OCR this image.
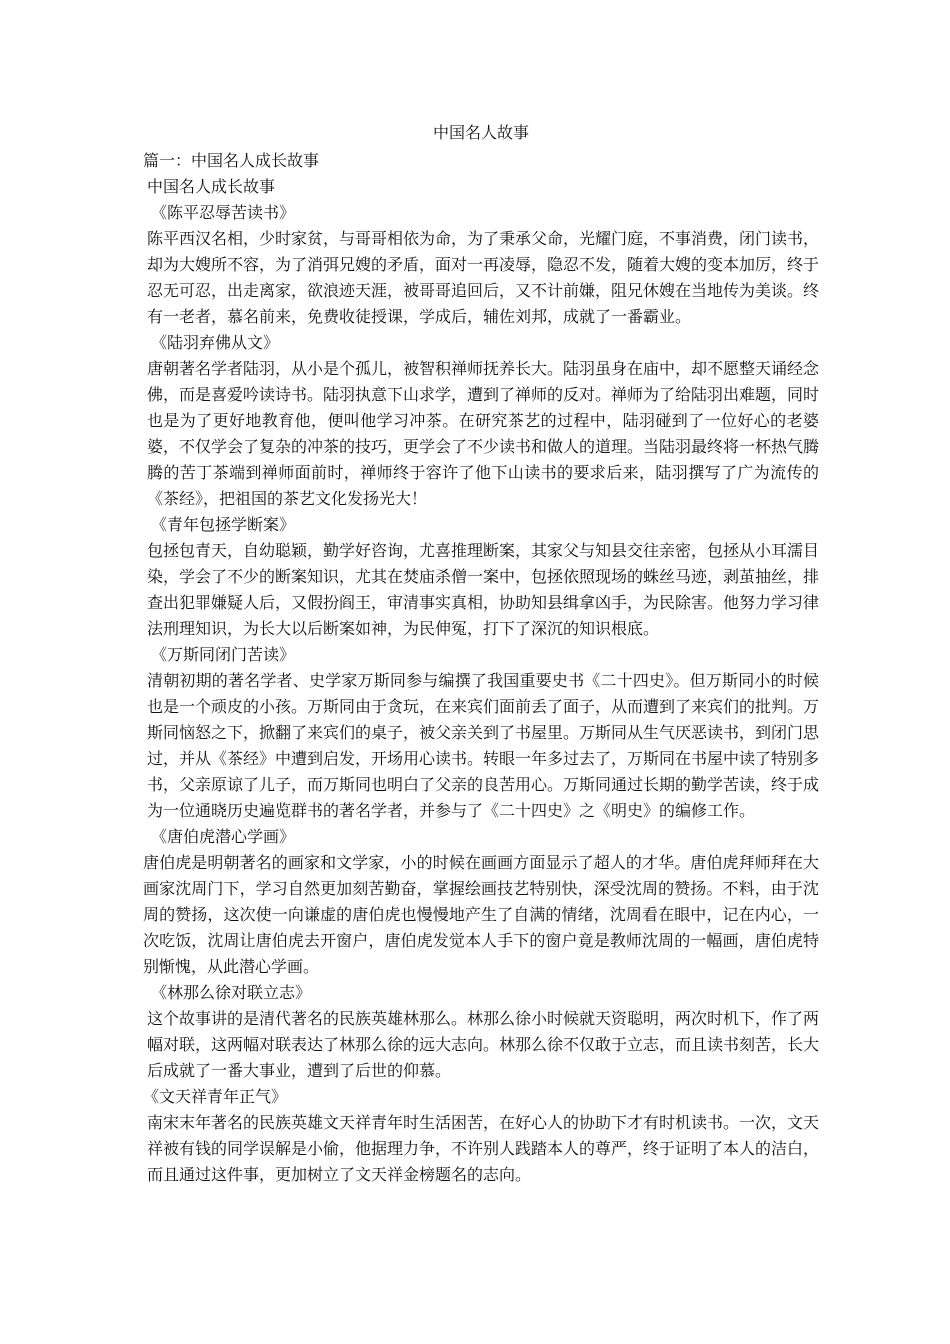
中国名人故事

篇一：中国名人成长故事

中国名人成长故事

《陈平忍辱苦读书》

陈平西汉名相，少时家贫，与哥哥相依为命，为了秉承父命，光耀门庭，不事消费，闭门读书，却为大嫂所不容，为了消弭兄嫂的矛盾，面对一再凌辱，隐忍不发，随着大嫂的变本加厉，终于忍无可忍，出走离家，欲浪迹天涯，被哥哥追回后，又不计前嫌，阻兄休嫂在当地传为美谈。终有一老者，慕名前来，免费收徒授课，学成后，辅佐刘邦，成就了一番霸业。

《陆羽弃佛从文》

唐朝著名学者陆羽，从小是个孤儿，被智积禅师抚养长大。陆羽虽身在庙中，却不愿整天诵经念佛，而是喜爱吟读诗书。陆羽执意下山求学，遭到了禅师的反对。禅师为了给陆羽出难题，同时也是为了更好地教育他，便叫他学习冲茶。在研究茶艺的过程中，陆羽碰到了一位好心的老婆婆，不仅学会了复杂的冲茶的技巧，更学会了不少读书和做人的道理。当陆羽最终将一杯热气腾腾的苦丁茶端到禅师面前时，禅师终于容许了他下山读书的要求后来，陆羽撰写了广为流传的《茶经》，把祖国的茶艺文化发扬光大！

《青年包拯学断案》

包拯包青天，自幼聪颖，勤学好咨询，尤喜推理断案，其家父与知县交往亲密，包拯从小耳濡目染，学会了不少的断案知识，尤其在焚庙杀僧一案中，包拯依照现场的蛛丝马迹，剥茧抽丝，排查出犯罪嫌疑人后，又假扮阎王，审清事实真相，协助知县缉拿凶手，为民除害。他努力学习律法刑理知识，为长大以后断案如神，为民伸冤，打下了深沉的知识根底。

《万斯同闭门苦读》

清朝初期的著名学者、史学家万斯同参与编撰了我国重要史书《二十四史》。但万斯同小的时候也是一个顽皮的小孩。万斯同由于贪玩，在来宾们面前丢了面子，从而遭到了来宾们的批判。万斯同恼怒之下，掀翻了来宾们的桌子，被父亲关到了书屋里。万斯同从生气厌恶读书，到闭门思过，并从《茶经》中遭到启发，开场用心读书。转眼一年多过去了，万斯同在书屋中读了特别多书，父亲原谅了儿子，而万斯同也明白了父亲的良苦用心。万斯同通过长期的勤学苦读，终于成为一位通晓历史遍览群书的著名学者，并参与了《二十四史》之《明史》的编修工作。

《唐伯虎潜心学画》

唐伯虎是明朝著名的画家和文学家，小的时候在画画方面显示了超人的才华。唐伯虎拜师拜在大画家沈周门下，学习自然更加刻苦勤奋，掌握绘画技艺特别快，深受沈周的赞扬。不料，由于沈周的赞扬，这次使一向谦虚的唐伯虎也慢慢地产生了自满的情绪，沈周看在眼中，记在内心，一次吃饭，沈周让唐伯虎去开窗户，唐伯虎发觉本人手下的窗户竟是教师沈周的一幅画，唐伯虎特别惭愧，从此潜心学画。

《林那么徐对联立志》

这个故事讲的是清代著名的民族英雄林那么。林那么徐小时候就天资聪明，两次时机下，作了两幅对联，这两幅对联表达了林那么徐的远大志向。林那么徐不仅敢于立志，而且读书刻苦，长大后成就了一番大事业，遭到了后世的仰慕。

《文天祥青年正气》

南宋末年著名的民族英雄文天祥青年时生活困苦，在好心人的协助下才有时机读书。一次，文天祥被有钱的同学误解是小偷，他据理力争，不许别人践踏本人的尊严，终于证明了本人的洁白，而且通过这件事，更加树立了文天祥金榜题名的志向。
